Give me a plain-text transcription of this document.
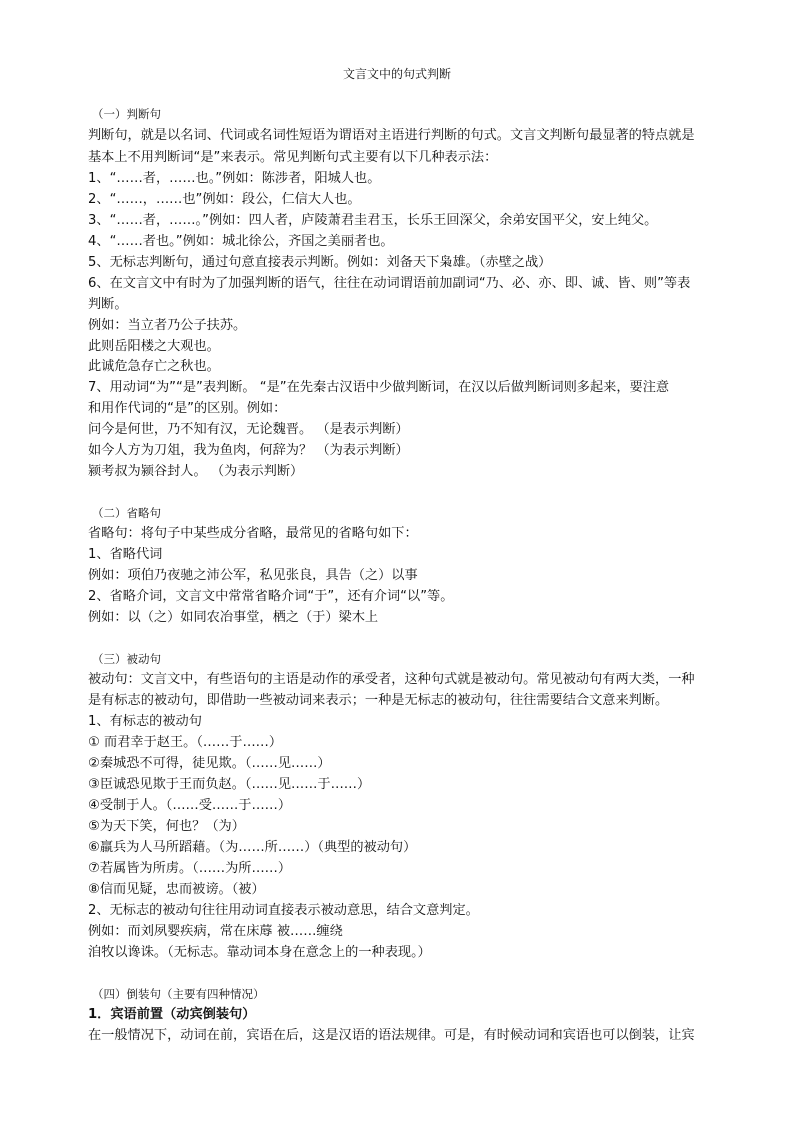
文言文中的句式判断
（一）判断句
判断句，就是以名词、代词或名词性短语为谓语对主语进行判断的句式。文言文判断句最显著的特点就是
基本上不用判断词“是”来表示。常见判断句式主要有以下几种表示法：
1、“……者，……也。”例如：陈涉者，阳城人也。
2、“……，……也”例如：段公，仁信大人也。
3、“……者，……。”例如：四人者，庐陵萧君圭君玉，长乐王回深父，余弟安国平父，安上纯父。
4、“……者也。”例如：城北徐公，齐国之美丽者也。
5、无标志判断句，通过句意直接表示判断。例如：刘备天下枭雄。（赤壁之战）
6、在文言文中有时为了加强判断的语气，往往在动词谓语前加副词“乃、必、亦、即、诚、皆、则”等表
判断。
例如：当立者乃公子扶苏。
此则岳阳楼之大观也。
此诚危急存亡之秋也。
7、用动词“为”“是”表判断。 “是”在先秦古汉语中少做判断词，在汉以后做判断词则多起来，要注意
和用作代词的“是”的区别。例如：
问今是何世，乃不知有汉，无论魏晋。 （是表示判断）
如今人方为刀俎，我为鱼肉，何辞为？ （为表示判断）
颍考叔为颍谷封人。 （为表示判断）
（二）省略句
省略句：将句子中某些成分省略，最常见的省略句如下：
1、省略代词
例如：项伯乃夜驰之沛公军，私见张良，具告（之）以事
2、省略介词，文言文中常常省略介词“于”，还有介词“以”等。
例如：以（之）如同农冶事堂，栖之（于）梁木上
（三）被动句
被动句：文言文中，有些语句的主语是动作的承受者，这种句式就是被动句。常见被动句有两大类，一种
是有标志的被动句，即借助一些被动词来表示；一种是无标志的被动句，往往需要结合文意来判断。
1、有标志的被动句
① 而君幸于赵王。（……于……）
②秦城恐不可得，徒见欺。（……见……）
③臣诚恐见欺于王而负赵。（……见……于……）
④受制于人。（……受……于……）
⑤为天下笑，何也？（为）
⑥羸兵为人马所蹈藉。（为……所……）（典型的被动句）
⑦若属皆为所虏。（……为所……）
⑧信而见疑，忠而被谤。（被）
2、无标志的被动句往往用动词直接表示被动意思，结合文意判定。
例如：而刘夙婴疾病，常在床蓐 被……缠绕
洎牧以谗诛。（无标志。靠动词本身在意念上的一种表现。）
（四）倒装句（主要有四种情况）
1．宾语前置（动宾倒装句）
在一般情况下，动词在前，宾语在后，这是汉语的语法规律。可是，有时候动词和宾语也可以倒装，让宾
